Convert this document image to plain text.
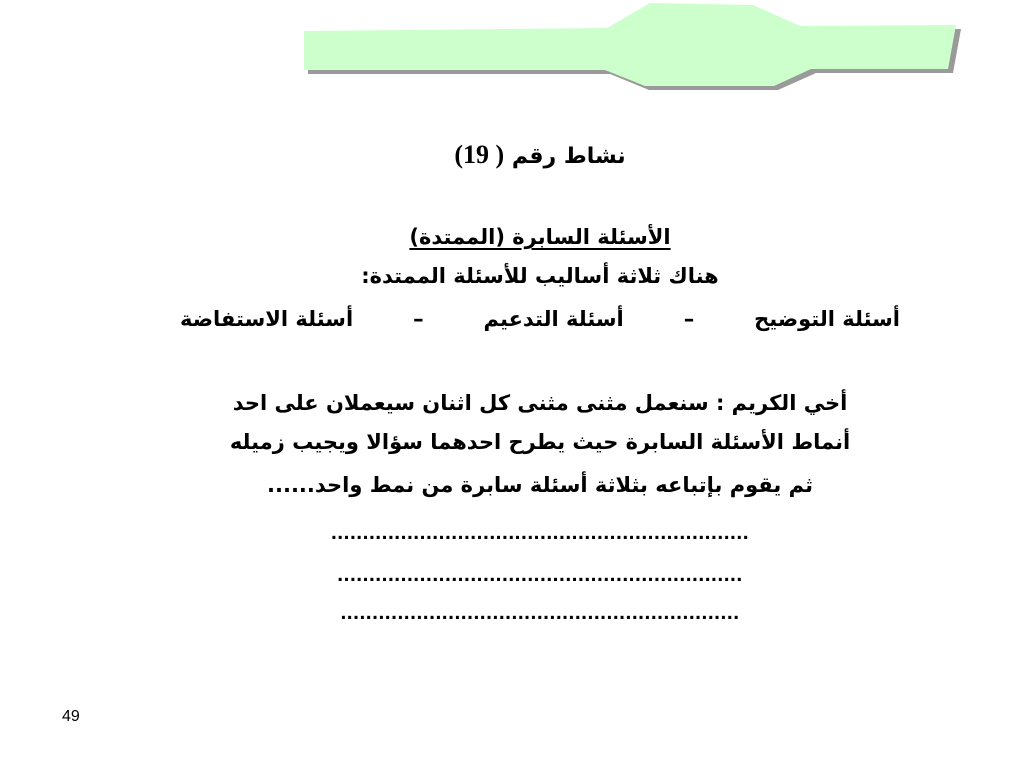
نشاط رقم ( 19)
الأسئلة السابرة (الممتدة)
هناك ثلاثة أساليب للأسئلة الممتدة:
أسئلة التوضيح
–
أسئلة التدعيم
–
أسئلة الاستفاضة
أخي الكريم : سنعمل مثنى مثنى كل اثنان سيعملان على احد
أنماط الأسئلة السابرة حيث يطرح احدهما سؤالا ويجيب زميله
ثم يقوم بإتباعه بثلاثة أسئلة سابرة من نمط واحد......
..................................................................
................................................................
...............................................................
49
